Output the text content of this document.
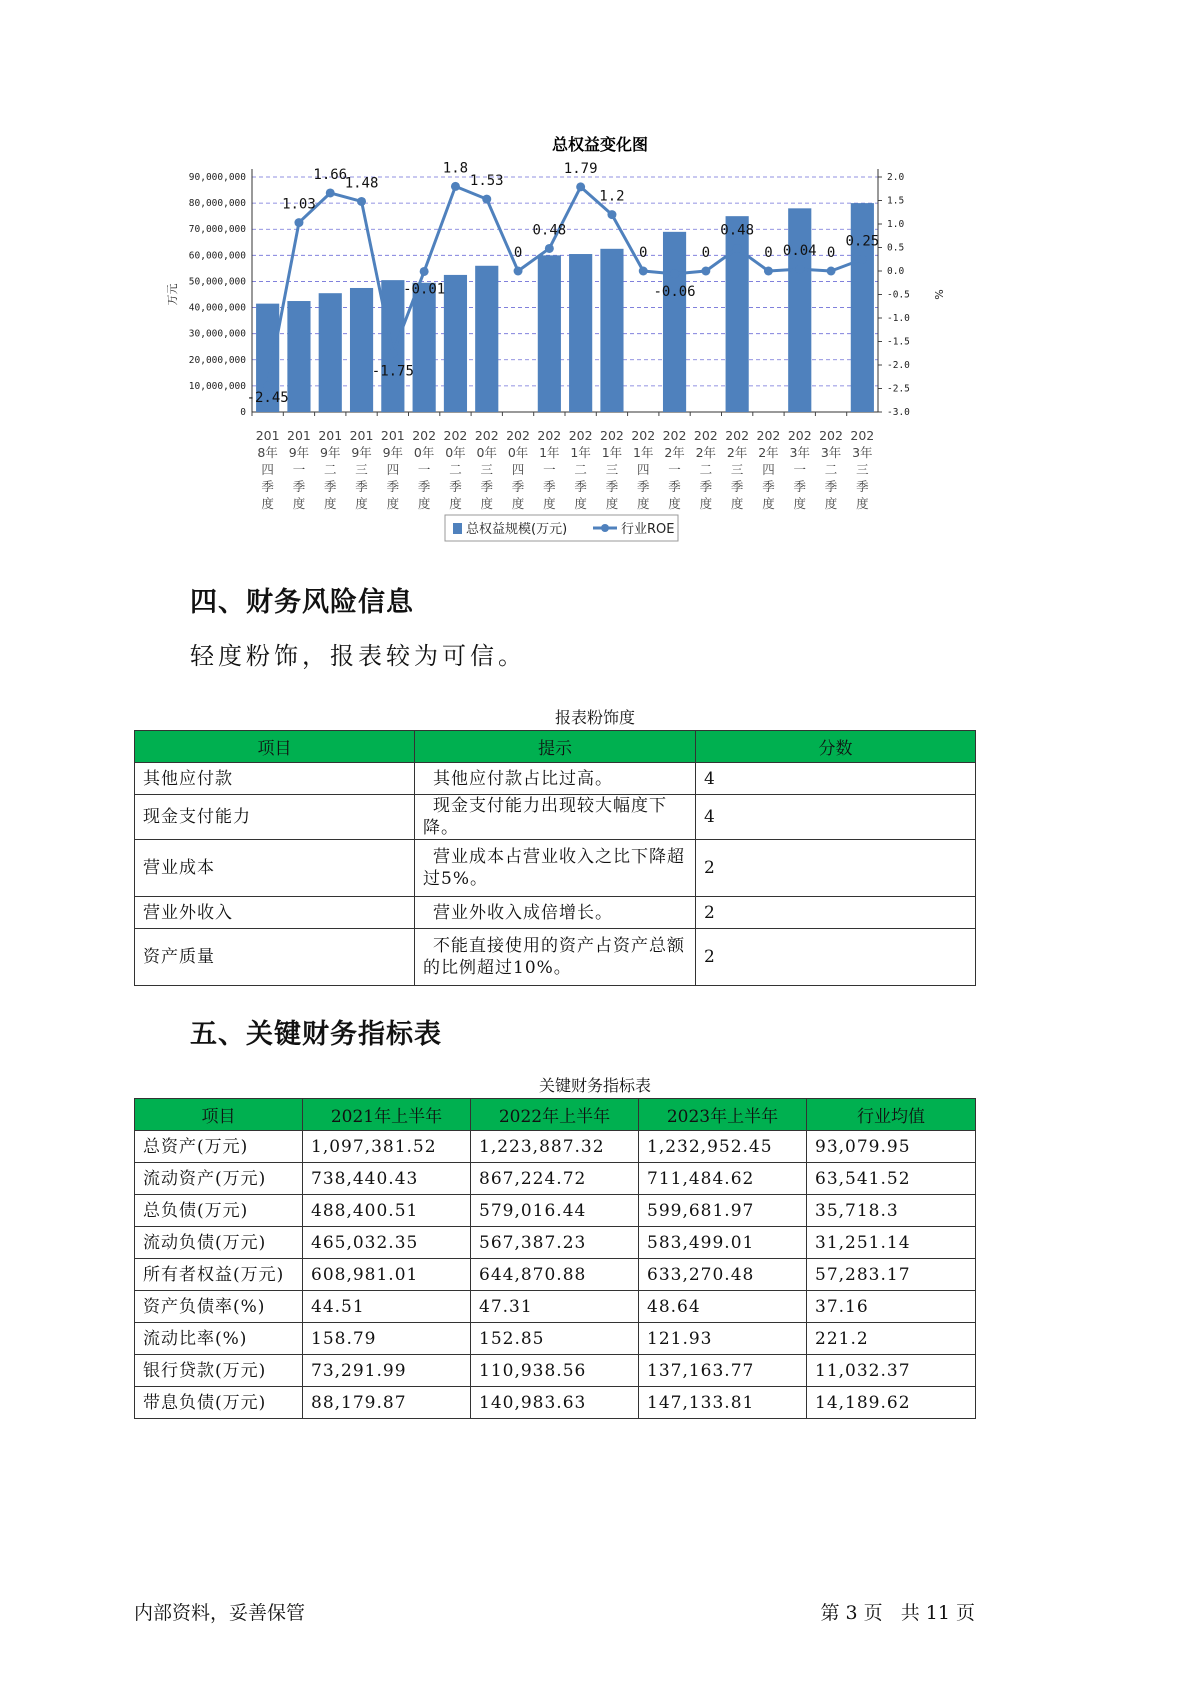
总权益变化图
90,000,000
80,000,000
70,000,000
60,000,000
50,000,000
40,000,000
30,000,000
20,000,000
10,000,000
0
2.0
1.5
1.0
0.5
0.0
-0.5
-1.0
-1.5
-2.0
-2.5
-3.0
万元	%
201
8年
四
季
度
201
9年
一
季
度
201
9年
二
季
度
201
9年
三
季
度
201
9年
四
季
度
202
0年
一
季
度
202
0年
二
季
度
202
0年
三
季
度
202
0年
四
季
度
202
1年
一
季
度
202
1年
二
季
度
202
1年
三
季
度
202
1年
四
季
度
202
2年
一
季
度
202
2年
二
季
度
202
2年
三
季
度
202
2年
四
季
度
202
3年
一
季
度
202
3年
二
季
度
202
3年
三
季
度
-2.45
1.03
1.66
1.48
-1.75
-0.01
1.8
1.53
0
0.48
1.79
1.2
0
-0.06
0
0.48
0 0.04 0
0.25
总权益规模(万元)	行业ROE
四、财务风险信息
轻度粉饰，报表较为可信。
报表粉饰度
项目	提示	分数
其他应付款	其他应付款占比过高。	4
现金支付能力	现金支付能力出现较大幅度下降。	4
营业成本	营业成本占营业收入之比下降超过5%。	2
营业外收入	营业外收入成倍增长。	2
资产质量	不能直接使用的资产占资产总额的比例超过10%。	2
五、关键财务指标表
关键财务指标表
项目	2021年上半年	2022年上半年	2023年上半年	行业均值
总资产(万元)	1,097,381.52	1,223,887.32	1,232,952.45	93,079.95
流动资产(万元)	738,440.43	867,224.72	711,484.62	63,541.52
总负债(万元)	488,400.51	579,016.44	599,681.97	35,718.3
流动负债(万元)	465,032.35	567,387.23	583,499.01	31,251.14
所有者权益(万元)	608,981.01	644,870.88	633,270.48	57,283.17
资产负债率(%)	44.51	47.31	48.64	37.16
流动比率(%)	158.79	152.85	121.93	221.2
银行贷款(万元)	73,291.99	110,938.56	137,163.77	11,032.37
带息负债(万元)	88,179.87	140,983.63	147,133.81	14,189.62
内部资料，妥善保管	第 3 页   共 11 页
